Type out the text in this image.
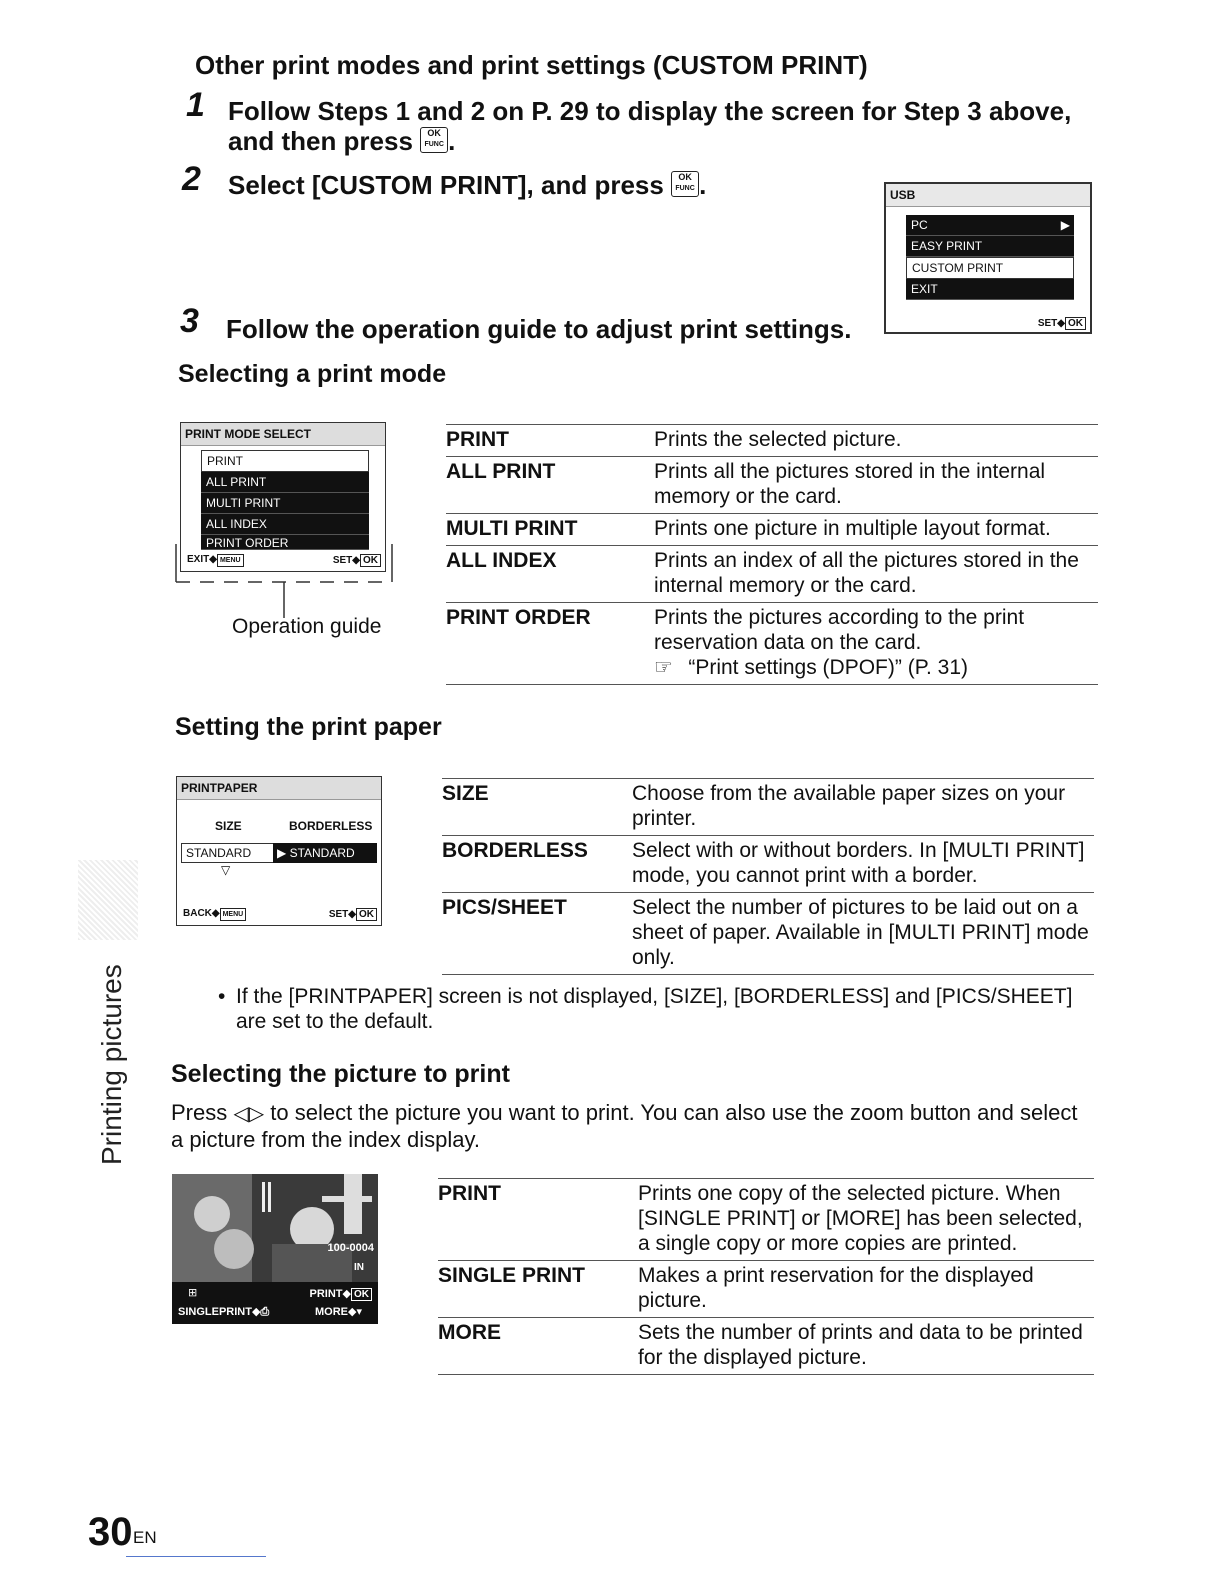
Other print modes and print settings (CUSTOM PRINT)
1 Follow Steps 1 and 2 on P. 29 to display the screen for Step 3 above,
and then press	OK
FUNC .
2 Select [CUSTOM PRINT], and press	OK
FUNC .	USB
PC	▶
EASY PRINT
CUSTOM PRINT
EXIT
SET◆ OK
3 Follow the operation guide to adjust print settings.
Selecting a print mode
PRINT MODE SELECT
PRINT
ALL PRINT
MULTI PRINT
ALL INDEX
PRINT ORDER
EXIT◆ MENU	SET◆ OK
Operation guide
PRINT	Prints the selected picture.
ALL PRINT	Prints all the pictures stored in the internal memory or the card.
MULTI PRINT	Prints one picture in multiple layout format.
ALL INDEX	Prints an index of all the pictures stored in the internal memory or the card.
PRINT ORDER	Prints the pictures according to the print reservation data on the card.
☞ “Print settings (DPOF)” (P. 31)
Setting the print paper
PRINTPAPER
SIZE	BORDERLESS
STANDARD	▶ STANDARD
▽
BACK◆ MENU	SET◆ OK
SIZE	Choose from the available paper sizes on your printer.
BORDERLESS	Select with or without borders. In [MULTI PRINT] mode, you cannot print with a border.
PICS/SHEET	Select the number of pictures to be laid out on a sheet of paper. Available in [MULTI PRINT] mode only.
• If the [PRINTPAPER] screen is not displayed, [SIZE], [BORDERLESS] and [PICS/SHEET] are set to the default.
Selecting the picture to print
Press ◁▷ to select the picture you want to print. You can also use the zoom button and select a picture from the index display.
100-0004
IN
⊞	PRINT◆ OK
SINGLEPRINT◆⎙	MORE◆▾
PRINT	Prints one copy of the selected picture. When [SINGLE PRINT] or [MORE] has been selected, a single copy or more copies are printed.
SINGLE PRINT	Makes a print reservation for the displayed picture.
MORE	Sets the number of prints and data to be printed for the displayed picture.
Printing pictures
30 EN
